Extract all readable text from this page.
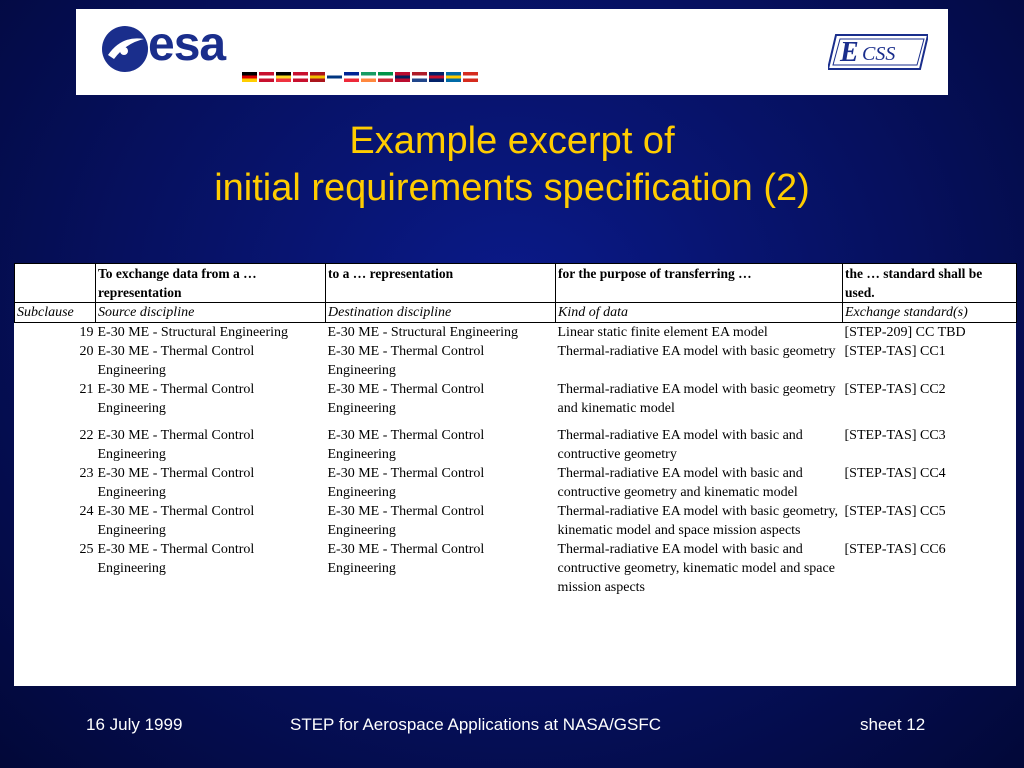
esa	E CSS
Example excerpt of
initial requirements specification (2)
	To exchange data from a … representation	to a … representation	for the purpose of transferring …	the … standard shall be used.
Subclause	Source discipline	Destination discipline	Kind of data	Exchange standard(s)
19	E-30 ME - Structural Engineering	E-30 ME - Structural Engineering	Linear static finite element EA model	[STEP-209] CC TBD
20	E-30 ME - Thermal Control Engineering	E-30 ME - Thermal Control Engineering	Thermal-radiative EA model with basic geometry	[STEP-TAS] CC1
21	E-30 ME - Thermal Control Engineering	E-30 ME - Thermal Control Engineering	Thermal-radiative EA model with basic geometry and kinematic model	[STEP-TAS] CC2
22	E-30 ME - Thermal Control Engineering	E-30 ME - Thermal Control Engineering	Thermal-radiative EA model with basic and contructive geometry	[STEP-TAS] CC3
23	E-30 ME - Thermal Control Engineering	E-30 ME - Thermal Control Engineering	Thermal-radiative EA model with basic and contructive geometry and kinematic model	[STEP-TAS] CC4
24	E-30 ME - Thermal Control Engineering	E-30 ME - Thermal Control Engineering	Thermal-radiative EA model with basic geometry, kinematic model and space mission aspects	[STEP-TAS] CC5
25	E-30 ME - Thermal Control Engineering	E-30 ME - Thermal Control Engineering	Thermal-radiative EA model with basic and contructive geometry, kinematic model and space mission aspects	[STEP-TAS] CC6
16 July 1999	STEP for Aerospace Applications at NASA/GSFC	sheet 12
